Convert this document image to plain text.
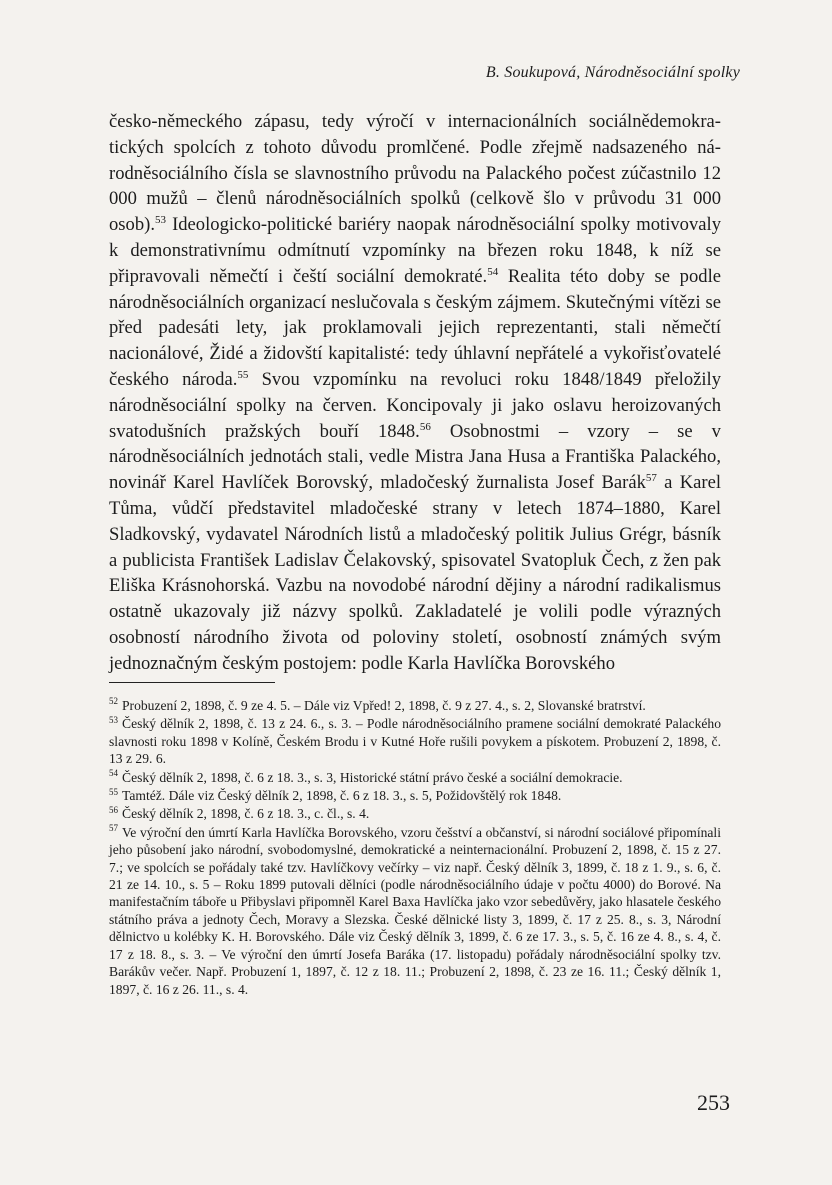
B. Soukupová, Národněsociální spolky

česko-německého zápasu, tedy výročí v internacionálních sociálnědemokratických spolcích z tohoto důvodu promlčené. Podle zřejmě nadsazeného národněsociálního čísla se slavnostního průvodu na Palackého počest zúčastnilo 12 000 mužů – členů národněsociálních spolků (celkově šlo v průvodu 31 000 osob).$^{53}$ Ideologicko-politické bariéry naopak národněsociální spolky motivovaly k demonstrativnímu odmítnutí vzpomínky na březen roku 1848, k níž se připravovali němečtí i čeští sociální demokraté.$^{54}$ Realita této doby se podle národněsociálních organizací neslučovala s českým zájmem. Skutečnými vítězi se před padesáti lety, jak proklamovali jejich reprezentanti, stali němečtí nacionálové, Židé a židovští kapitalisté: tedy úhlavní nepřátelé a vykořisťovatelé českého národa.$^{55}$ Svou vzpomínku na revoluci roku 1848/1849 přeložily národněsociální spolky na červen. Koncipovaly ji jako oslavu heroizovaných svatodušních pražských bouří 1848.56 Osobnostmi – vzory – se v národněsociálních jednotách stali, vedle Mistra Jana Husa a Františka Palackého, novinář Karel Havlíček Borovský, mladočeský žurnalista Josef Barák$^{57}$ a Karel Tůma, vůdčí představitel mladočeské strany v letech 1874–1880, Karel Sladkovský, vydavatel Národních listů a mladočeský politik Julius Grégr, básník a publicista František Ladislav Čelakovský, spisovatel Svatopluk Čech, z žen pak Eliška Krásnohorská. Vazbu na novodobé národní dějiny a národní radikalismus ostatně ukazovaly již názvy spolků. Zakladatelé je volili podle výrazných osobností národního života od poloviny století, osobností známých svým jednoznačným českým postojem: podle Karla Havlíčka Borovského

$^{52}$ Probuzení 2, 1898, č. 9 ze 4. 5. – Dále viz Vpřed! 2, 1898, č. 9 z 27. 4., s. 2, Slovanské bratrství.

$^{53}$ Český dělník 2, 1898, č. 13 z 24. 6., s. 3. – Podle národněsociálního pramene sociální demokraté Palackého slavnosti roku 1898 v Kolíně, Českém Brodu i v Kutné Hoře rušili povykem a pískotem. Probuzení 2, 1898, č. 13 z 29. 6.

$^{54}$ Český dělník 2, 1898, č. 6 z 18. 3., s. 3, Historické státní právo české a sociální demokracie.

$^{55}$ Tamtéž. Dále viz Český dělník 2, 1898, č. 6 z 18. 3., s. 5, Požidovštělý rok 1848.

$^{56}$ Český dělník 2, 1898, č. 6 z 18. 3., c. čl., s. 4.

$^{57}$ Ve výroční den úmrtí Karla Havlíčka Borovského, vzoru češství a občanství, si národní sociálové připomínali jeho působení jako národní, svobodomyslné, demokratické a neinternacionální. Probuzení 2, 1898, č. 15 z 27. 7.; ve spolcích se pořádaly také tzv. Havlíčkovy večírky – viz např. Český dělník 3, 1899, č. 18 z 1. 9., s. 6, č. 21 ze 14. 10., s. 5 – Roku 1899 putovali dělníci (podle národněsociálního údaje v počtu 4000) do Borové. Na manifestačním táboře u Přibyslavi připomněl Karel Baxa Havlíčka jako vzor sebedůvěry, jako hlasatele českého státního práva a jednoty Čech, Moravy a Slezska. České dělnické listy 3, 1899, č. 17 z 25. 8., s. 3, Národní dělnictvo u kolébky K. H. Borovského. Dále viz Český dělník 3, 1899, č. 6 ze 17. 3., s. 5, č. 16 ze 4. 8., s. 4, č. 17 z 18. 8., s. 3. – Ve výroční den úmrtí Josefa Baráka (17. listopadu) pořádaly národněsociální spolky tzv. Barákův večer. Např. Probuzení 1, 1897, č. 12 z 18. 11.; Probuzení 2, 1898, č. 23 ze 16. 11.; Český dělník 1, 1897, č. 16 z 26. 11., s. 4.

253
